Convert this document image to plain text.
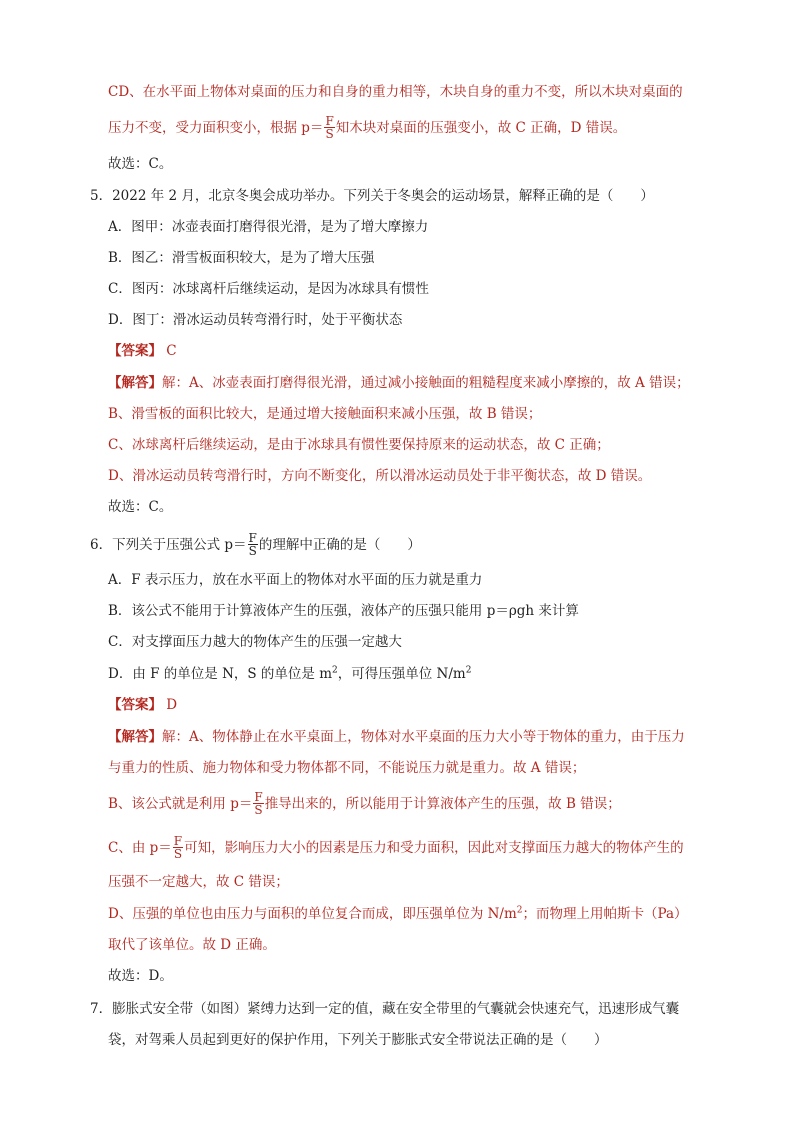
CD、在水平面上物体对桌面的压力和自身的重力相等，木块自身的重力不变，所以木块对桌面的
压力不变，受力面积变小，根据 $p= \frac{F}{S}$ 知木块对桌面的压强变小，故 C 正确，D 错误。
故选：C。
5．2022 年 2 月，北京冬奥会成功举办。下列关于冬奥会的运动场景，解释正确的是（　　）
A．图甲：冰壶表面打磨得很光滑，是为了增大摩擦力
B．图乙：滑雪板面积较大，是为了增大压强
C．图丙：冰球离杆后继续运动，是因为冰球具有惯性
D．图丁：滑冰运动员转弯滑行时，处于平衡状态
【答案】 C
【解答】解：A、冰壶表面打磨得很光滑，通过减小接触面的粗糙程度来减小摩擦的，故 A 错误；
B、滑雪板的面积比较大，是通过增大接触面积来减小压强，故 B 错误；
C、冰球离杆后继续运动，是由于冰球具有惯性要保持原来的运动状态，故 C 正确；
D、滑冰运动员转弯滑行时，方向不断变化，所以滑冰运动员处于非平衡状态，故 D 错误。
故选：C。
6．下列关于压强公式 $p= \frac{F}{S}$ 的理解中正确的是（　　）
A．F 表示压力，放在水平面上的物体对水平面的压力就是重力
B．该公式不能用于计算液体产生的压强，液体产的压强只能用 p＝ρgh 来计算
C．对支撑面压力越大的物体产生的压强一定越大
D．由 F 的单位是 N，S 的单位是 $m^2$，可得压强单位 $N/m^2$
【答案】 D
【解答】解：A、物体静止在水平桌面上，物体对水平桌面的压力大小等于物体的重力，由于压力
与重力的性质、施力物体和受力物体都不同，不能说压力就是重力。故 A 错误；
B、该公式就是利用 $p= \frac{F}{S}$ 推导出来的，所以能用于计算液体产生的压强，故 B 错误；
C、由 $p= \frac{F}{S}$ 可知，影响压力大小的因素是压力和受力面积，因此对支撑面压力越大的物体产生的
压强不一定越大，故 C 错误；
D、压强的单位也由压力与面积的单位复合而成，即压强单位为 $N/m^2$；而物理上用帕斯卡（Pa）
取代了该单位。故 D 正确。
故选：D。
7．膨胀式安全带（如图）紧缚力达到一定的值，藏在安全带里的气囊就会快速充气，迅速形成气囊
袋，对驾乘人员起到更好的保护作用，下列关于膨胀式安全带说法正确的是（　　）
